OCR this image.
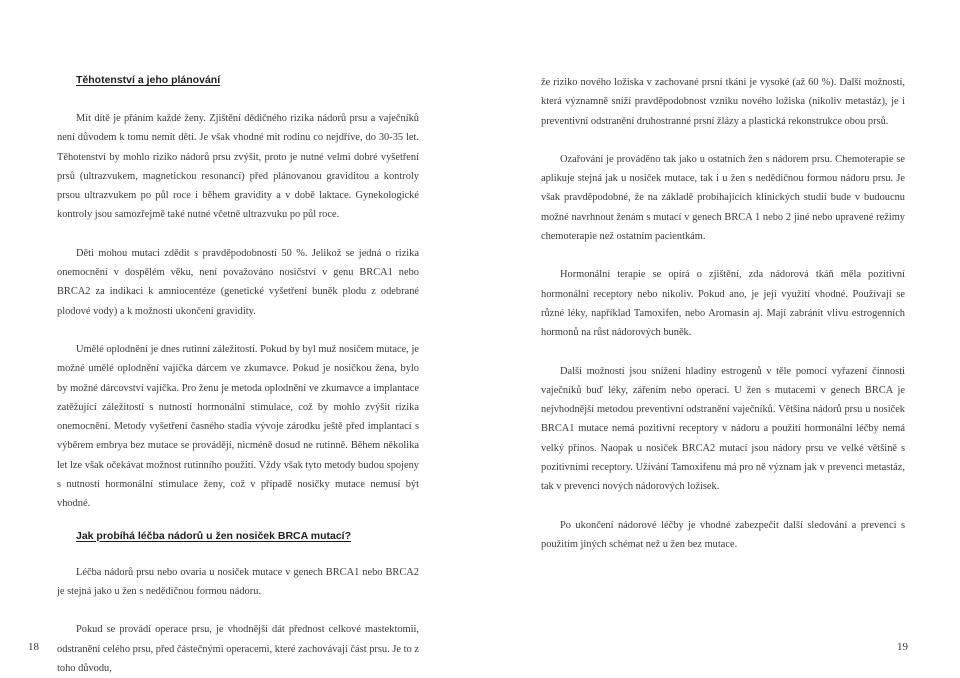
Těhotenství a jeho plánování

Mít dítě je přáním každé ženy. Zjištění dědičného rizika nádorů prsu a vaječníků není důvodem k tomu nemít děti. Je však vhodné mít rodinu co nejdříve, do 30-35 let. Těhotenství by mohlo riziko nádorů prsu zvýšit, proto je nutné velmi dobré vyšetření prsů (ultrazvukem, magnetickou resonancí) před plánovanou graviditou a kontroly prsou ultrazvukem po půl roce i během gravidity a v době laktace. Gynekologické kontroly jsou samozřejmě také nutné včetně ultrazvuku po půl roce.

Děti mohou mutaci zdědit s pravděpodobností 50 %. Jelikož se jedná o rizika onemocnění v dospělém věku, není považováno nosičství v genu BRCA1 nebo BRCA2 za indikaci k amniocentéze (genetické vyšetření buněk plodu z odebrané plodové vody) a k možnosti ukončení gravidity.

Umělé oplodnění je dnes rutinní záležitostí. Pokud by byl muž nosičem mutace, je možné umělé oplodnění vajíčka dárcem ve zkumavce. Pokud je nosičkou žena, bylo by možné dárcovství vajíčka. Pro ženu je metoda oplodnění ve zkumavce a implantace zatěžující záležitostí s nutností hormonální stimulace, což by mohlo zvýšit rizika onemocnění. Metody vyšetření časného stadia vývoje zárodku ještě před implantací s výběrem embrya bez mutace se provádějí, nicméně dosud ne rutinně. Během několika let lze však očekávat možnost rutinního použití. Vždy však tyto metody budou spojeny s nutností hormonální stimulace ženy, což v případě nosičky mutace nemusí být vhodné.

Jak probíhá léčba nádorů u žen nosiček BRCA mutací?

Léčba nádorů prsu nebo ovaria u nosiček mutace v genech BRCA1 nebo BRCA2 je stejná jako u žen s nedědičnou formou nádoru.

Pokud se provádí operace prsu, je vhodnější dát přednost celkové mastektomii, odstranění celého prsu, před částečnými operacemi, které zachovávají část prsu. Je to z toho důvodu,

že riziko nového ložiska v zachované prsní tkáni je vysoké (až 60 %). Další možností, která významně sníží pravděpodobnost vzniku nového ložiska (nikoliv metastáz), je i preventivní odstranění druhostranné prsní žlázy a plastická rekonstrukce obou prsů.

Ozařování je prováděno tak jako u ostatních žen s nádorem prsu. Chemoterapie se aplikuje stejná jak u nosiček mutace, tak i u žen s nedědičnou formou nádoru prsu. Je však pravděpodobné, že na základě probíhajících klinických studií bude v budoucnu možné navrhnout ženám s mutací v genech BRCA 1 nebo 2 jiné nebo upravené režimy chemoterapie než ostatním pacientkám.

Hormonální terapie se opírá o zjištění, zda nádorová tkáň měla pozitivní hormonální receptory nebo nikoliv. Pokud ano, je její využití vhodné. Používají se různé léky, například Tamoxifen, nebo Aromasin aj. Mají zabránit vlivu estrogenních hormonů na růst nádorových buněk.

Další možností jsou snížení hladiny estrogenů v těle pomocí vyřazení činnosti vaječníků buď léky, zářením nebo operací. U žen s mutacemi v genech BRCA je nejvhodnější metodou preventivní odstranění vaječníků. Většina nádorů prsu u nosiček BRCA1 mutace nemá pozitivní receptory v nádoru a použití hormonální léčby nemá velký přínos. Naopak u nosiček BRCA2 mutací jsou nádory prsu ve velké většině s pozitivními receptory. Užívání Tamoxifenu má pro ně význam jak v prevenci metastáz, tak v prevenci nových nádorových ložisek.

Po ukončení nádorové léčby je vhodné zabezpečit další sledování a prevenci s použitím jiných schémat než u žen bez mutace.

18	19
